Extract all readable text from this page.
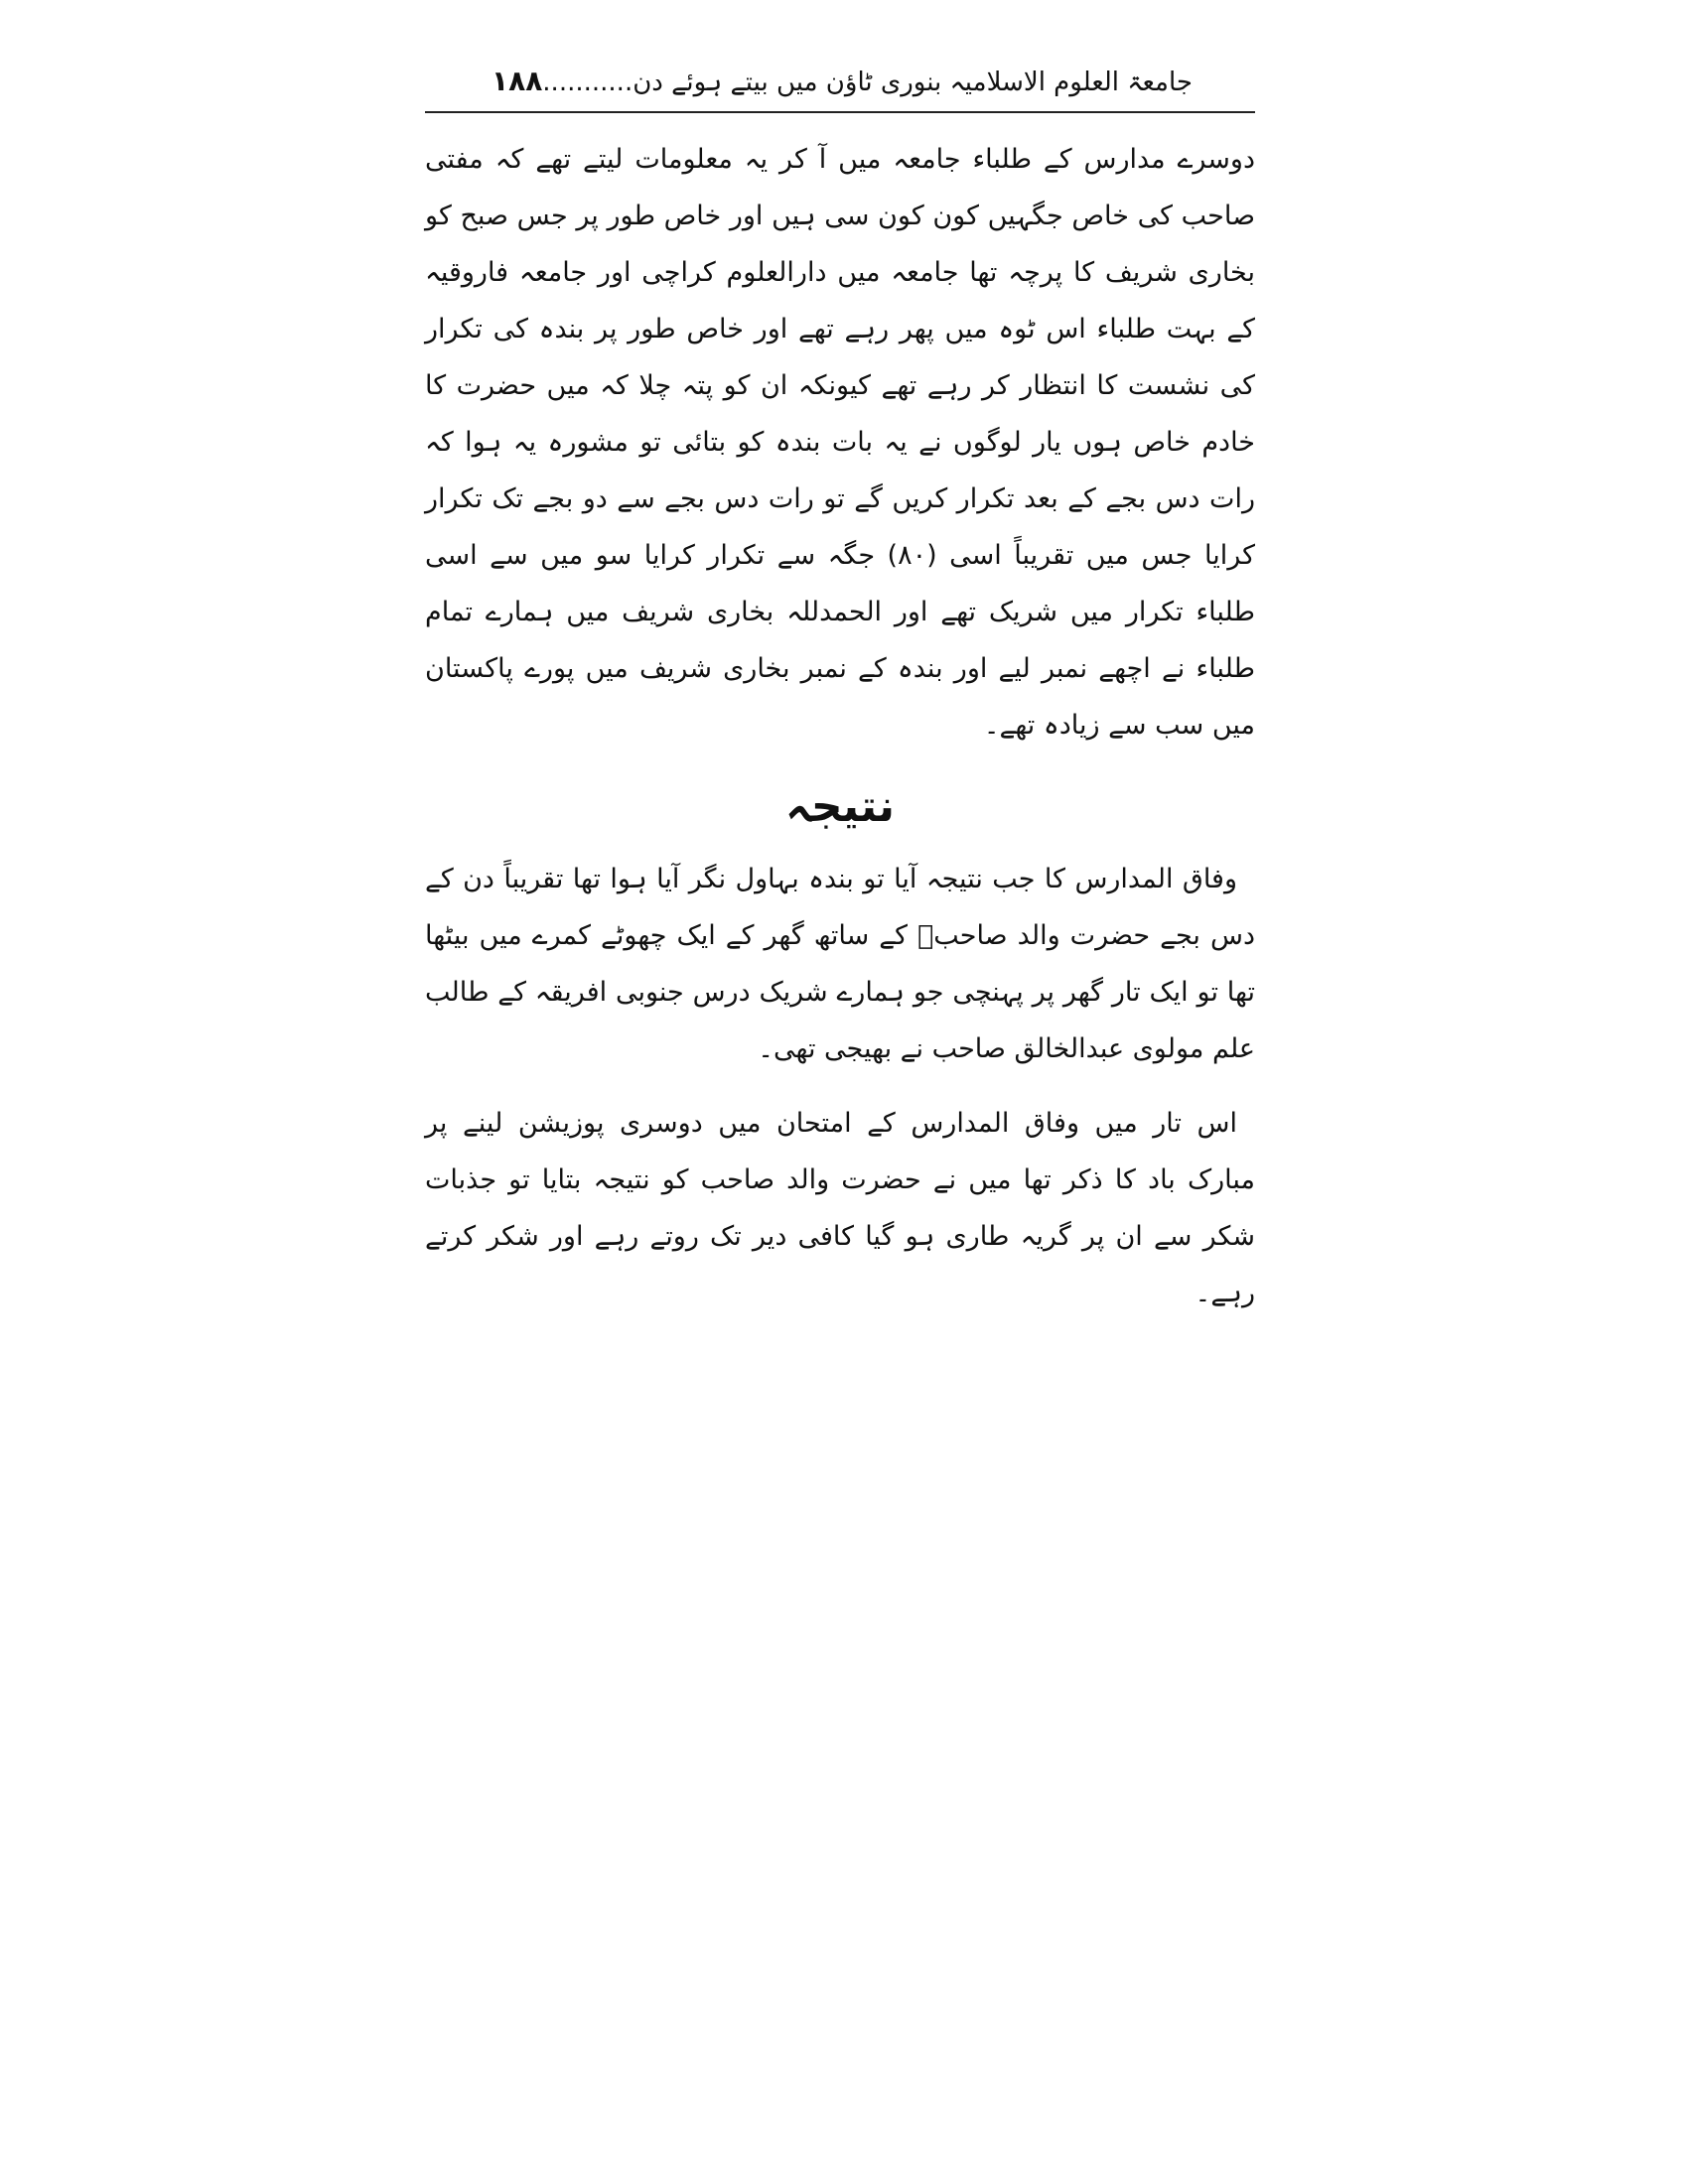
جامعۃ العلوم الاسلامیہ بنوری ٹاؤن میں بیتے ہوئے دن...........۱۸۸

دوسرے مدارس کے طلباء جامعہ میں آ کر یہ معلومات لیتے تھے کہ مفتی صاحب کی خاص جگہیں کون کون سی ہیں اور خاص طور پر جس صبح کو بخاری شریف کا پرچہ تھا جامعہ میں دارالعلوم کراچی اور جامعہ فاروقیہ کے بہت طلباء اس ٹوہ میں پھر رہے تھے اور خاص طور پر بندہ کی تکرار کی نشست کا انتظار کر رہے تھے کیونکہ ان کو پتہ چلا کہ میں حضرت کا خادم خاص ہوں یار لوگوں نے یہ بات بندہ کو بتائی تو مشورہ یہ ہوا کہ رات دس بجے کے بعد تکرار کریں گے تو رات دس بجے سے دو بجے تک تکرار کرایا جس میں تقریباً اسی (۸۰) جگہ سے تکرار کرایا سو میں سے اسی طلباء تکرار میں شریک تھے اور الحمدللہ بخاری شریف میں ہمارے تمام طلباء نے اچھے نمبر لیے اور بندہ کے نمبر بخاری شریف میں پورے پاکستان میں سب سے زیادہ تھے۔

نتیجہ

وفاق المدارس کا جب نتیجہ آیا تو بندہ بہاول نگر آیا ہوا تھا تقریباً دن کے دس بجے حضرت والد صاحبؒ کے ساتھ گھر کے ایک چھوٹے کمرے میں بیٹھا تھا تو ایک تار گھر پر پہنچی جو ہمارے شریک درس جنوبی افریقہ کے طالب علم مولوی عبدالخالق صاحب نے بھیجی تھی۔

اس تار میں وفاق المدارس کے امتحان میں دوسری پوزیشن لینے پر مبارک باد کا ذکر تھا میں نے حضرت والد صاحب کو نتیجہ بتایا تو جذبات شکر سے ان پر گریہ طاری ہو گیا کافی دیر تک روتے رہے اور شکر کرتے رہے۔
